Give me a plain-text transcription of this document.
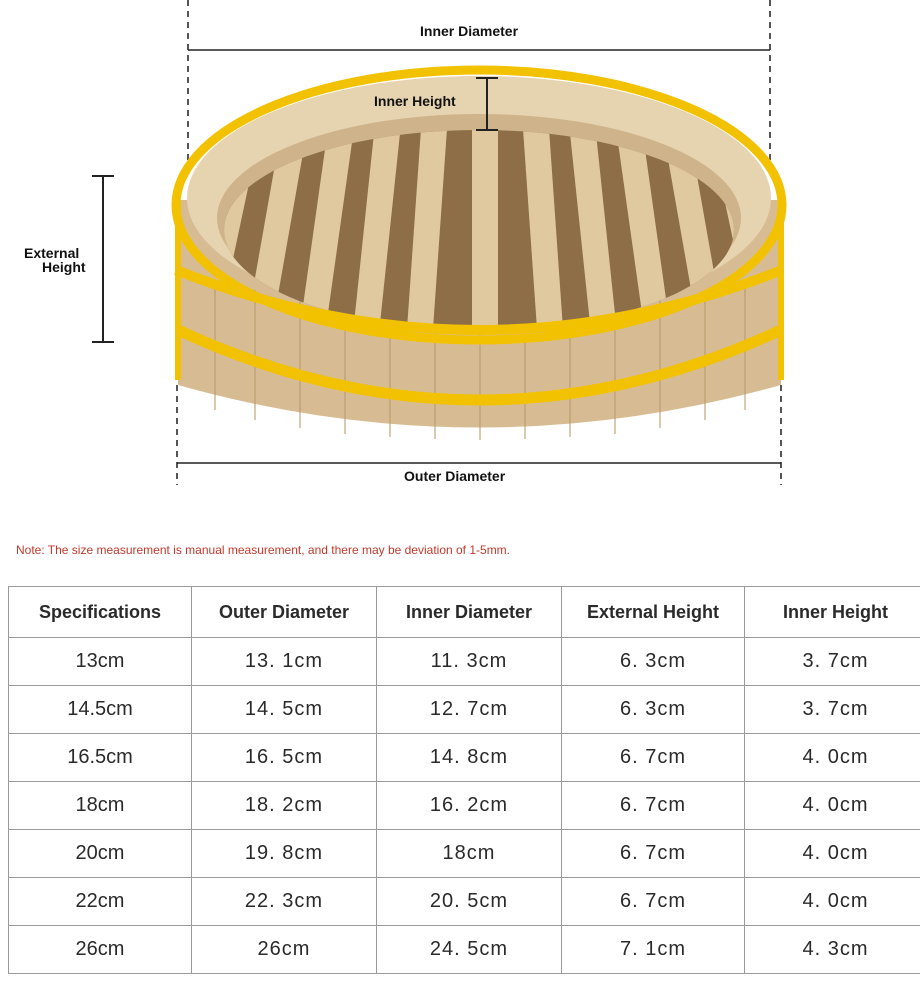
Inner Diameter
Inner Height
External
Height
Outer Diameter
Note: The size measurement is manual measurement, and there may be deviation of 1-5mm.
Specifications	Outer Diameter	Inner Diameter	External Height	Inner Height
13cm	13. 1cm	11. 3cm	6. 3cm	3. 7cm
14.5cm	14. 5cm	12. 7cm	6. 3cm	3. 7cm
16.5cm	16. 5cm	14. 8cm	6. 7cm	4. 0cm
18cm	18. 2cm	16. 2cm	6. 7cm	4. 0cm
20cm	19. 8cm	18cm	6. 7cm	4. 0cm
22cm	22. 3cm	20. 5cm	6. 7cm	4. 0cm
26cm	26cm	24. 5cm	7. 1cm	4. 3cm
